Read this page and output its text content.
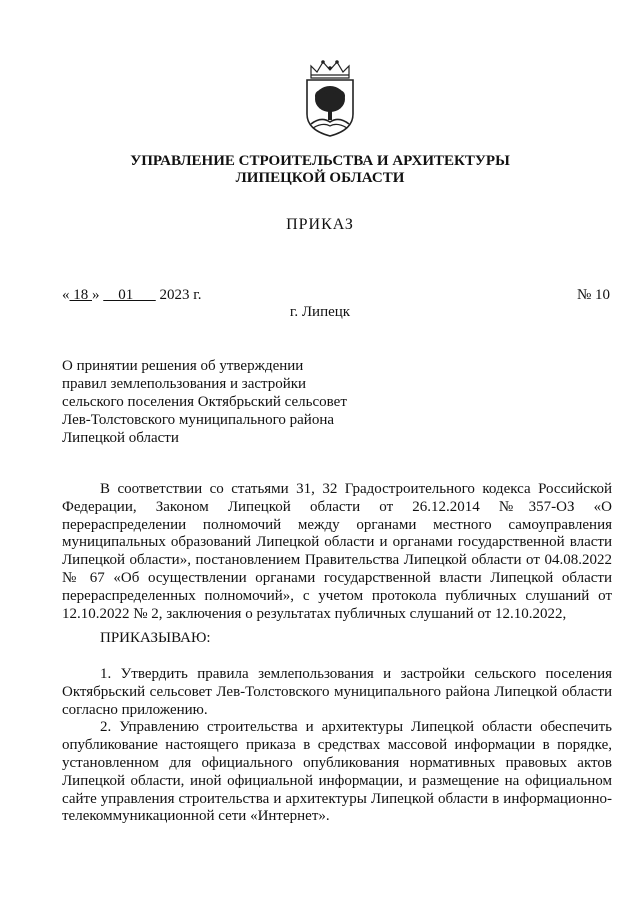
УПРАВЛЕНИЕ СТРОИТЕЛЬСТВА И АРХИТЕКТУРЫ
ЛИПЕЦКОЙ ОБЛАСТИ
ПРИКАЗ
« 18 »     01       2023 г.	№ 10
г. Липецк
О принятии решения об утверждении
правил землепользования и застройки
сельского поселения Октябрьский сельсовет
Лев-Толстовского муниципального района
Липецкой области
В соответствии со статьями 31, 32 Градостроительного кодекса Российской Федерации, Законом Липецкой области от 26.12.2014 №357-ОЗ «О перераспределении полномочий между органами местного самоуправления муниципальных образований Липецкой области и органами государственной власти Липецкой области», постановлением Правительства Липецкой области от 04.08.2022 № 67 «Об осуществлении органами государственной власти Липецкой области перераспределенных полномочий», с учетом протокола публичных слушаний от 12.10.2022 № 2, заключения о результатах публичных слушаний от 12.10.2022,
ПРИКАЗЫВАЮ:
1. Утвердить правила землепользования и застройки сельского поселения Октябрьский сельсовет Лев-Толстовского муниципального района Липецкой области согласно приложению.
2. Управлению строительства и архитектуры Липецкой области обеспечить опубликование настоящего приказа в средствах массовой информации в порядке, установленном для официального опубликования нормативных правовых актов Липецкой области, иной официальной информации, и размещение на официальном сайте управления строительства и архитектуры Липецкой области в информационно-телекоммуникационной сети «Интернет».
